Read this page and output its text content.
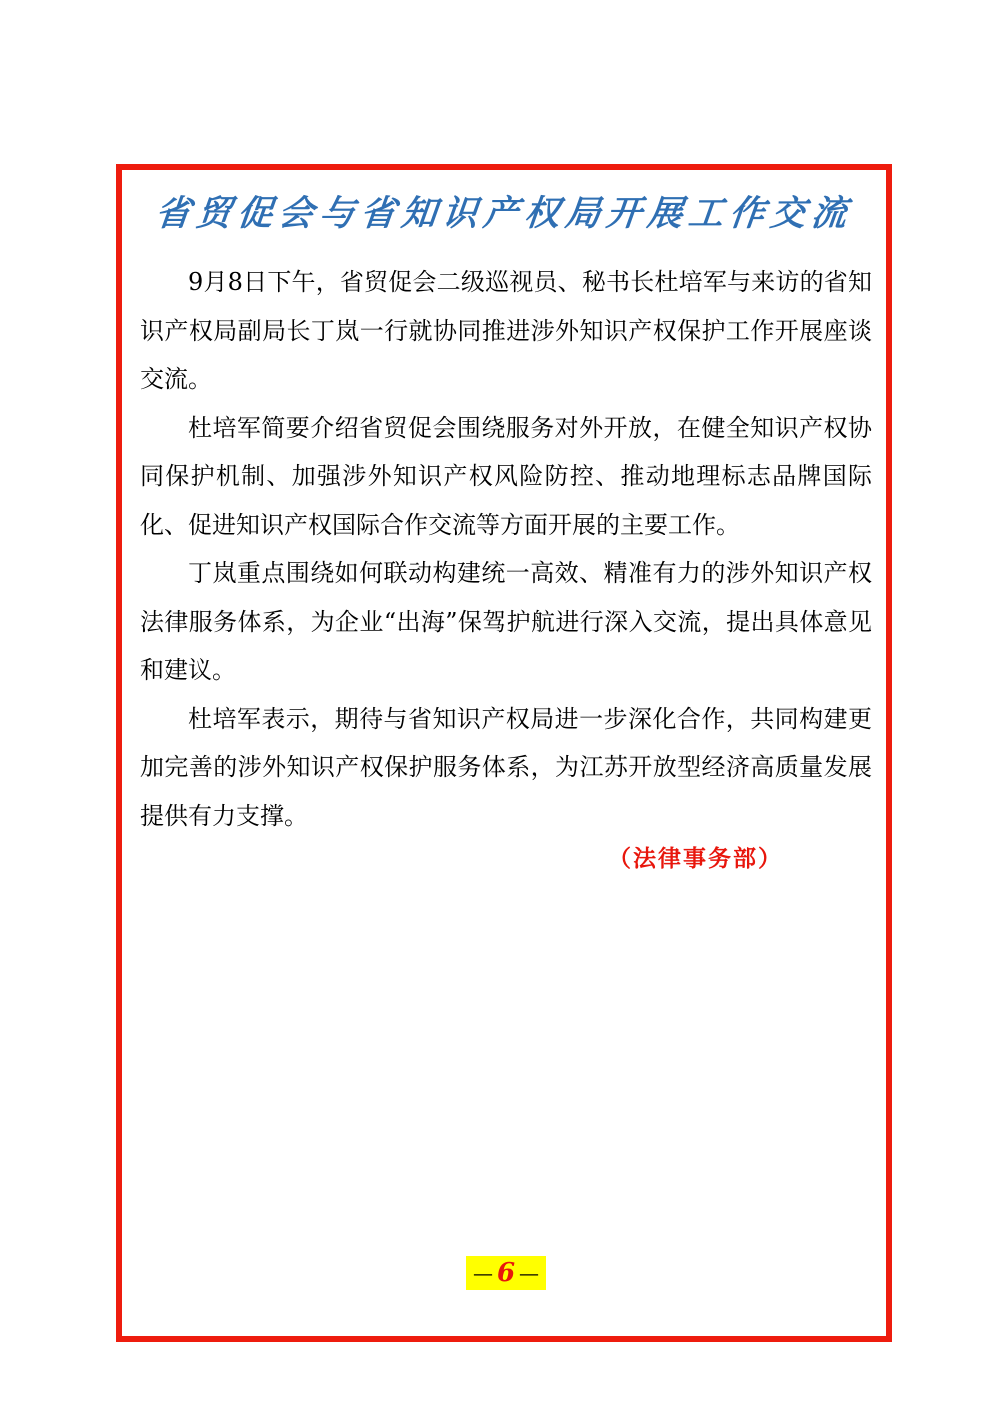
省贸促会与省知识产权局开展工作交流

9月8日下午，省贸促会二级巡视员、秘书长杜培军与来访的省知识产权局副局长丁岚一行就协同推进涉外知识产权保护工作开展座谈交流。

杜培军简要介绍省贸促会围绕服务对外开放，在健全知识产权协同保护机制、加强涉外知识产权风险防控、推动地理标志品牌国际化、促进知识产权国际合作交流等方面开展的主要工作。

丁岚重点围绕如何联动构建统一高效、精准有力的涉外知识产权法律服务体系，为企业“出海”保驾护航进行深入交流，提出具体意见和建议。

杜培军表示，期待与省知识产权局进一步深化合作，共同构建更加完善的涉外知识产权保护服务体系，为江苏开放型经济高质量发展提供有力支撑。

（法律事务部）
— 6 —
